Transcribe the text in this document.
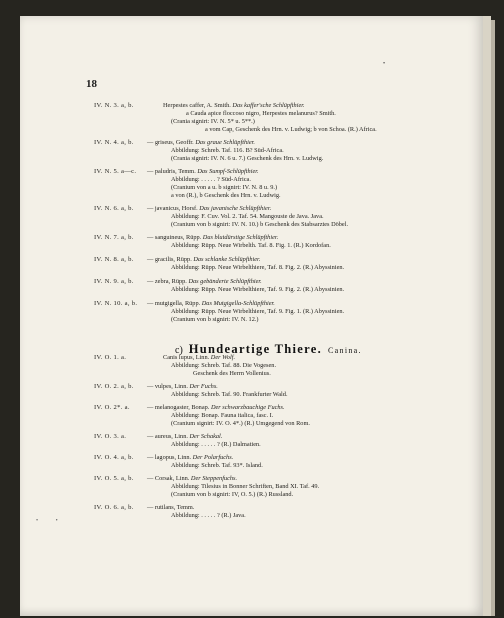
18
•
• •
IV. N. 3. a, b.	Herpestes caffer, A. Smith. Das kaffer'sche Schlüpfthier.
a Cauda apice floccoso nigro, Herpestes melanurus? Smith.
(Crania signirt: IV. N. 5* u. 5**.)
a vom Cap, Geschenk des Hrn. v. Ludwig; b von Schoa. (R.) Africa.
IV. N. 4. a, b. — griseus, Geoffr. Das graue Schlüpfthier.
Abbildung: Schreb. Taf. 116. B? Süd-Africa.
(Crania signirt: IV. N. 6 u. 7.) Geschenk des Hrn. v. Ludwig.
IV. N. 5. a—c. — paludris, Temm. Das Sumpf-Schlüpfthier.
Abbildung: . . . . . ? Süd-Africa.
(Cranium von a u. b signirt: IV. N. 8 u. 9.)
a von (R.), b Geschenk des Hrn. v. Ludwig.
IV. N. 6. a, b. — javanicus, Horsf. Das javanische Schlüpfthier.
Abbildung: F. Cuv. Vol. 2. Taf. 54. Mangouste de Java. Java.
(Cranium von b signirt: IV. N. 10.) b Geschenk des Stabsarztes Döbel.
IV. N. 7. a, b. — sanguineus, Rüpp. Das blutdürstige Schlüpfthier.
Abbildung: Rüpp. Neue Wirbelth. Taf. 8. Fig. 1. (R.) Kordofan.
IV. N. 8. a, b. — gracilis, Rüpp. Das schlanke Schlüpfthier.
Abbildung: Rüpp. Neue Wirbelthiere, Taf. 8. Fig. 2. (R.) Abyssinien.
IV. N. 9. a, b. — zebra, Rüpp. Das gebänderte Schlüpfthier.
Abbildung: Rüpp. Neue Wirbelthiere, Taf. 9. Fig. 2. (R.) Abyssinien.
IV. N. 10. a, b. — mutgigella, Rüpp. Das Mutgigella-Schlüpfthier.
Abbildung: Rüpp. Neue Wirbelthiere, Taf. 9. Fig. 1. (R.) Abyssinien.
(Cranium von b signirt: IV. N. 12.)
c) Hundeartige Thiere. Canina.
IV. O. 1. a.	Canis lupus, Linn. Der Wolf.
Abbildung: Schreb. Taf. 88. Die Vogesen.
Geschenk des Herrn Vollenius.
IV. O. 2. a, b. — vulpes, Linn. Der Fuchs.
Abbildung: Schreb. Taf. 90. Frankfurter Wald.
IV. O. 2*. a.	— melanogaster, Bonap. Der schwarzbauchige Fuchs.
Abbildung: Bonap. Fauna italica, fasc. I.
(Cranium signirt: IV. O. 4*.) (R.) Umgegend von Rom.
IV. O. 3. a.	— aureus, Linn. Der Schakal.
Abbildung: . . . . . ? (R.) Dalmatien.
IV. O. 4. a, b. — lagopus, Linn. Der Polarfuchs.
Abbildung: Schreb. Taf. 93*. Island.
IV. O. 5. a, b. — Corsak, Linn. Der Steppenfuchs.
Abbildung: Tilesius in Bonner Schriften, Band XI. Taf. 49.
(Cranium von b signirt: IV, O. 5.) (R.) Russland.
IV. O. 6. a, b. — rutilans, Temm.
Abbildung: . . . . . ? (R.) Java.
